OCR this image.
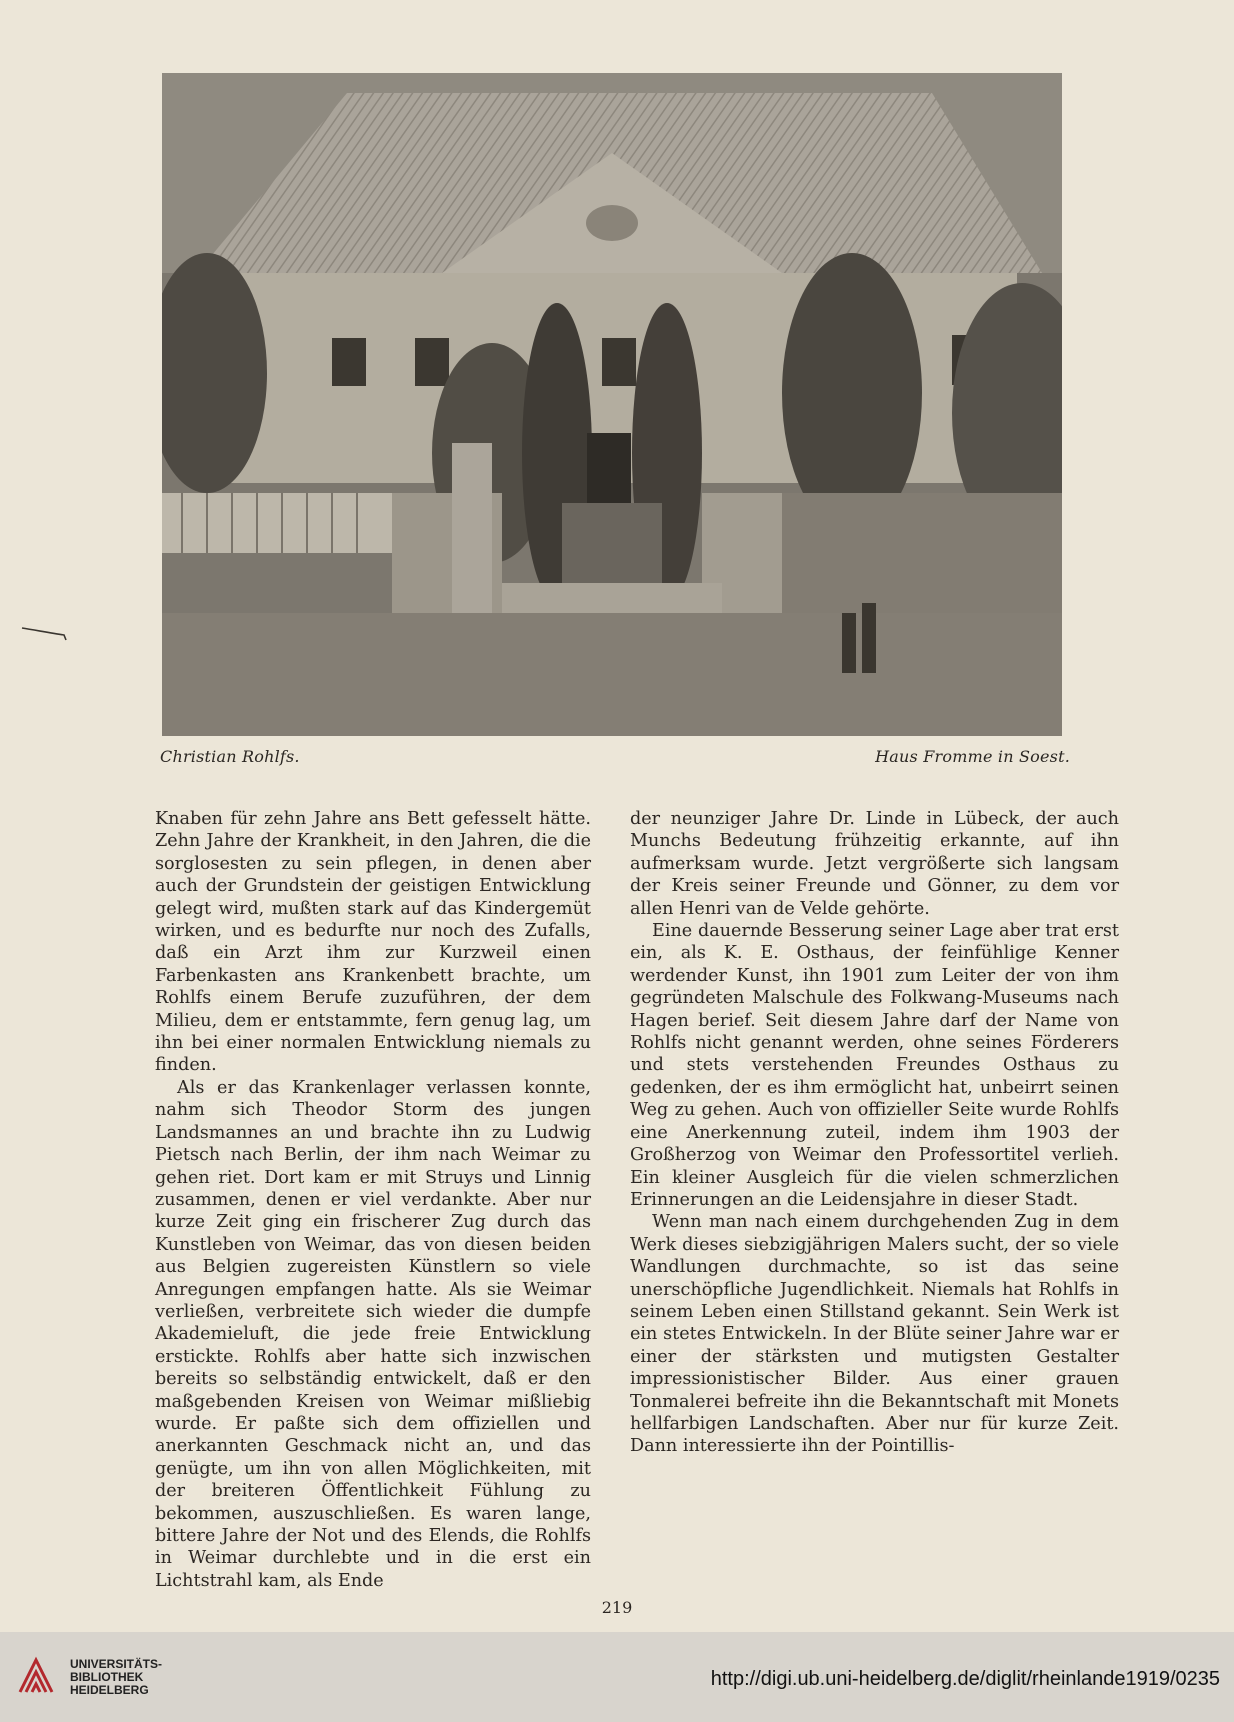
Christian Rohlfs.	Haus Fromme in Soest.

Knaben für zehn Jahre ans Bett gefesselt hätte. Zehn Jahre der Krankheit, in den Jahren, die die sorglosesten zu sein pflegen, in denen aber auch der Grundstein der geistigen Entwicklung gelegt wird, mußten stark auf das Kindergemüt wirken, und es bedurfte nur noch des Zufalls, daß ein Arzt ihm zur Kurzweil einen Farbenkasten ans Krankenbett brachte, um Rohlfs einem Berufe zuzuführen, der dem Milieu, dem er entstammte, fern genug lag, um ihn bei einer normalen Entwicklung niemals zu finden.

Als er das Krankenlager verlassen konnte, nahm sich Theodor Storm des jungen Landsmannes an und brachte ihn zu Ludwig Pietsch nach Berlin, der ihm nach Weimar zu gehen riet. Dort kam er mit Struys und Linnig zusammen, denen er viel verdankte. Aber nur kurze Zeit ging ein frischerer Zug durch das Kunstleben von Weimar, das von diesen beiden aus Belgien zugereisten Künstlern so viele Anregungen empfangen hatte. Als sie Weimar verließen, verbreitete sich wieder die dumpfe Akademieluft, die jede freie Entwicklung erstickte. Rohlfs aber hatte sich inzwischen bereits so selbständig entwickelt, daß er den maßgebenden Kreisen von Weimar mißliebig wurde. Er paßte sich dem offiziellen und anerkannten Geschmack nicht an, und das genügte, um ihn von allen Möglichkeiten, mit der breiteren Öffentlichkeit Fühlung zu bekommen, auszuschließen. Es waren lange, bittere Jahre der Not und des Elends, die Rohlfs in Weimar durchlebte und in die erst ein Lichtstrahl kam, als Ende

der neunziger Jahre Dr. Linde in Lübeck, der auch Munchs Bedeutung frühzeitig erkannte, auf ihn aufmerksam wurde. Jetzt vergrößerte sich langsam der Kreis seiner Freunde und Gönner, zu dem vor allen Henri van de Velde gehörte.

Eine dauernde Besserung seiner Lage aber trat erst ein, als K. E. Osthaus, der feinfühlige Kenner werdender Kunst, ihn 1901 zum Leiter der von ihm gegründeten Malschule des Folkwang-Museums nach Hagen berief. Seit diesem Jahre darf der Name von Rohlfs nicht genannt werden, ohne seines Förderers und stets verstehenden Freundes Osthaus zu gedenken, der es ihm ermöglicht hat, unbeirrt seinen Weg zu gehen. Auch von offizieller Seite wurde Rohlfs eine Anerkennung zuteil, indem ihm 1903 der Großherzog von Weimar den Professortitel verlieh. Ein kleiner Ausgleich für die vielen schmerzlichen Erinnerungen an die Leidensjahre in dieser Stadt.

Wenn man nach einem durchgehenden Zug in dem Werk dieses siebzigjährigen Malers sucht, der so viele Wandlungen durchmachte, so ist das seine unerschöpfliche Jugendlichkeit. Niemals hat Rohlfs in seinem Leben einen Stillstand gekannt. Sein Werk ist ein stetes Entwickeln. In der Blüte seiner Jahre war er einer der stärksten und mutigsten Gestalter impressionistischer Bilder. Aus einer grauen Tonmalerei befreite ihn die Bekanntschaft mit Monets hellfarbigen Landschaften. Aber nur für kurze Zeit. Dann interessierte ihn der Pointillis-

219
UNIVERSITÄTS-
BIBLIOTHEK
HEIDELBERG	http://digi.ub.uni-heidelberg.de/diglit/rheinlande1919/0235
